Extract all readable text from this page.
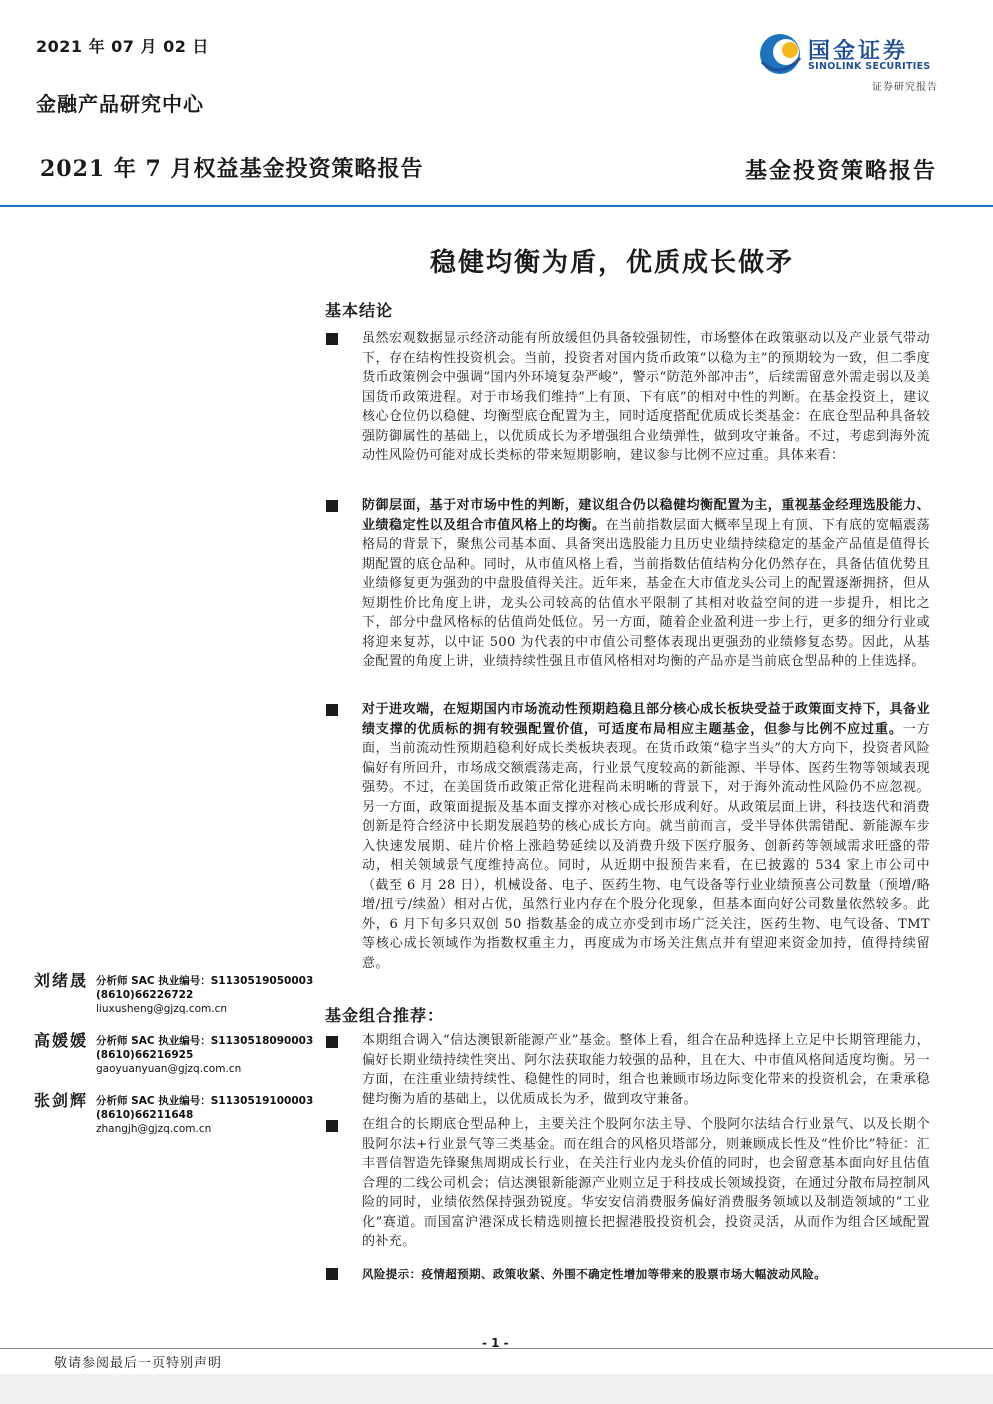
2021 年 07 月 02 日
金融产品研究中心
2021 年 7 月权益基金投资策略报告	基金投资策略报告
国金证券
SINOLINK SECURITIES
证券研究报告
稳健均衡为盾，优质成长做矛
基本结论
虽然宏观数据显示经济动能有所放缓但仍具备较强韧性，市场整体在政策驱动以及产业景气带动下，存在结构性投资机会。当前，投资者对国内货币政策“以稳为主”的预期较为一致，但二季度货币政策例会中强调“国内外环境复杂严峻”，警示“防范外部冲击”，后续需留意外需走弱以及美国货币政策进程。对于市场我们维持“上有顶、下有底”的相对中性的判断。在基金投资上，建议核心仓位仍以稳健、均衡型底仓配置为主，同时适度搭配优质成长类基金：在底仓型品种具备较强防御属性的基础上，以优质成长为矛增强组合业绩弹性，做到攻守兼备。不过，考虑到海外流动性风险仍可能对成长类标的带来短期影响，建议参与比例不应过重。具体来看：
防御层面，基于对市场中性的判断，建议组合仍以稳健均衡配置为主，重视基金经理选股能力、业绩稳定性以及组合市值风格上的均衡。在当前指数层面大概率呈现上有顶、下有底的宽幅震荡格局的背景下，聚焦公司基本面、具备突出选股能力且历史业绩持续稳定的基金产品值是值得长期配置的底仓品种。同时，从市值风格上看，当前指数估值结构分化仍然存在，具备估值优势且业绩修复更为强劲的中盘股值得关注。近年来，基金在大市值龙头公司上的配置逐渐拥挤，但从短期性价比角度上讲，龙头公司较高的估值水平限制了其相对收益空间的进一步提升，相比之下，部分中盘风格标的估值尚处低位。另一方面，随着企业盈利进一步上行，更多的细分行业或将迎来复苏，以中证 500 为代表的中市值公司整体表现出更强劲的业绩修复态势。因此，从基金配置的角度上讲，业绩持续性强且市值风格相对均衡的产品亦是当前底仓型品种的上佳选择。
对于进攻端，在短期国内市场流动性预期趋稳且部分核心成长板块受益于政策面支持下，具备业绩支撑的优质标的拥有较强配置价值，可适度布局相应主题基金，但参与比例不应过重。一方面，当前流动性预期趋稳利好成长类板块表现。在货币政策“稳字当头”的大方向下，投资者风险偏好有所回升，市场成交额震荡走高，行业景气度较高的新能源、半导体、医药生物等领域表现强势。不过，在美国货币政策正常化进程尚未明晰的背景下，对于海外流动性风险仍不应忽视。另一方面，政策面提振及基本面支撑亦对核心成长形成利好。从政策层面上讲，科技迭代和消费创新是符合经济中长期发展趋势的核心成长方向。就当前而言，受半导体供需错配、新能源车步入快速发展期、硅片价格上涨趋势延续以及消费升级下医疗服务、创新药等领域需求旺盛的带动，相关领域景气度维持高位。同时，从近期中报预告来看，在已披露的 534 家上市公司中（截至 6 月 28 日），机械设备、电子、医药生物、电气设备等行业业绩预喜公司数量（预增/略增/扭亏/续盈）相对占优，虽然行业内存在个股分化现象，但基本面向好公司数量依然较多。此外，6 月下旬多只双创 50 指数基金的成立亦受到市场广泛关注，医药生物、电气设备、TMT 等核心成长领域作为指数权重主力，再度成为市场关注焦点并有望迎来资金加持，值得持续留意。
基金组合推荐：
本期组合调入“信达澳银新能源产业”基金。整体上看，组合在品种选择上立足中长期管理能力，偏好长期业绩持续性突出、阿尔法获取能力较强的品种，且在大、中市值风格间适度均衡。另一方面，在注重业绩持续性、稳健性的同时，组合也兼顾市场边际变化带来的投资机会，在秉承稳健均衡为盾的基础上，以优质成长为矛，做到攻守兼备。
在组合的长期底仓型品种上，主要关注个股阿尔法主导、个股阿尔法结合行业景气、以及长期个股阿尔法+行业景气等三类基金。而在组合的风格贝塔部分，则兼顾成长性及“性价比”特征：汇丰晋信智造先锋聚焦周期成长行业，在关注行业内龙头价值的同时，也会留意基本面向好且估值合理的二线公司机会；信达澳银新能源产业则立足于科技成长领域投资，在通过分散布局控制风险的同时，业绩依然保持强劲锐度。华安安信消费服务偏好消费服务领域以及制造领域的“工业化”赛道。而国富沪港深成长精选则擅长把握港股投资机会，投资灵活，从而作为组合区域配置的补充。
风险提示：疫情超预期、政策收紧、外围不确定性增加等带来的股票市场大幅波动风险。
刘绪晟 分析师 SAC 执业编号：S1130519050003
(8610)66226722
liuxusheng@gjzq.com.cn
高媛媛 分析师 SAC 执业编号：S1130518090003
(8610)66216925
gaoyuanyuan@gjzq.com.cn
张剑辉 分析师 SAC 执业编号：S1130519100003
(8610)66211648
zhangjh@gjzq.com.cn
- 1 -
敬请参阅最后一页特别声明
